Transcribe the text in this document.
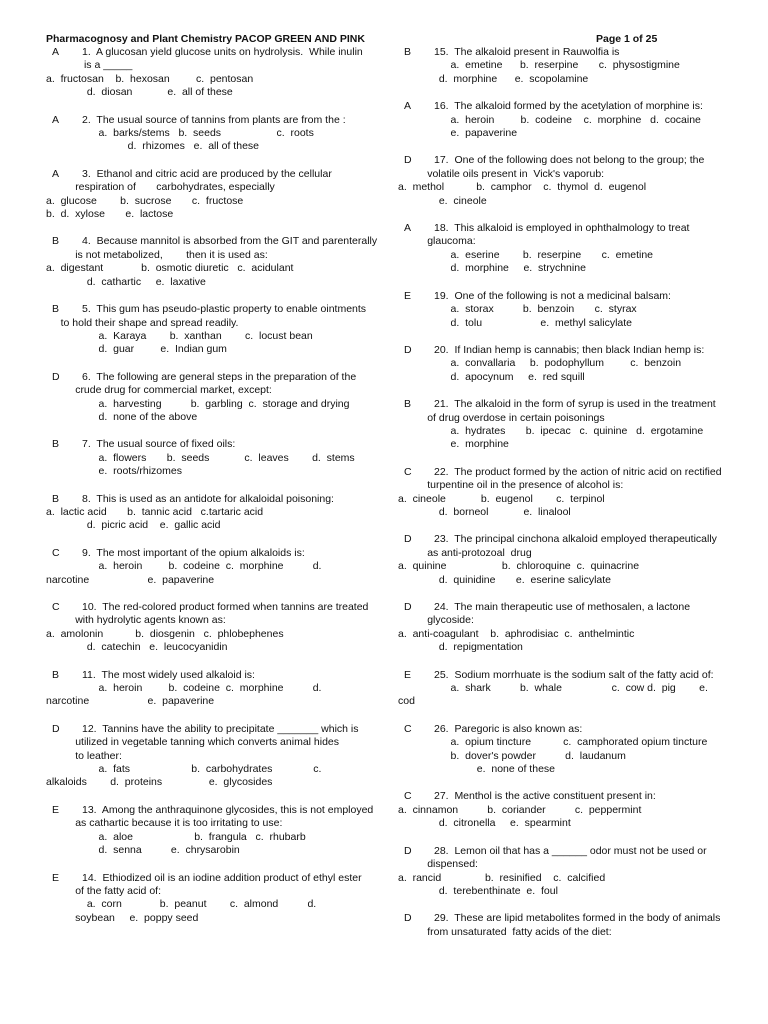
Pharmacognosy and Plant Chemistry PACOP GREEN AND PINK	Page 1 of 25
A 1.  A glucosan yield glucose units on hydrolysis.  While inulin
is a _____
a.  fructosan    b.  hexosan         c.  pentosan
d.  diosan            e.  all of these
A 2.  The usual source of tannins from plants are from the :
a.  barks/stems   b.  seeds                   c.  roots
d.  rhizomes   e.  all of these
A 3.  Ethanol and citric acid are produced by the cellular
respiration of       carbohydrates, especially
a.  glucose        b.  sucrose       c.  fructose
b.  d.  xylose       e.  lactose
B 4.  Because mannitol is absorbed from the GIT and parenterally
is not metabolized,        then it is used as:
a.  digestant             b.  osmotic diuretic   c.  acidulant
d.  cathartic     e.  laxative
B 5.  This gum has pseudo-plastic property to enable ointments
to hold their shape and spread readily.
a.  Karaya        b.  xanthan        c.  locust bean
d.  guar         e.  Indian gum
D 6.  The following are general steps in the preparation of the
crude drug for commercial market, except:
a.  harvesting          b.  garbling  c.  storage and drying
d.  none of the above
B 7.  The usual source of fixed oils:
a.  flowers       b.  seeds            c.  leaves        d.  stems
e.  roots/rhizomes
B 8.  This is used as an antidote for alkaloidal poisoning:
a.  lactic acid       b.  tannic acid   c.tartaric acid
d.  picric acid    e.  gallic acid
C 9.  The most important of the opium alkaloids is:
a.  heroin         b.  codeine  c.  morphine          d.
narcotine                    e.  papaverine
C 10.  The red-colored product formed when tannins are treated
with hydrolytic agents known as:
a.  amolonin           b.  diosgenin   c.  phlobephenes
d.  catechin   e.  leucocyanidin
B 11.  The most widely used alkaloid is:
a.  heroin         b.  codeine  c.  morphine          d.
narcotine                    e.  papaverine
D 12.  Tannins have the ability to precipitate _______ which is
utilized in vegetable tanning which converts animal hides
to leather:
a.  fats                     b.  carbohydrates              c.
alkaloids        d.  proteins                e.  glycosides
E 13.  Among the anthraquinone glycosides, this is not employed
as cathartic because it is too irritating to use:
a.  aloe                     b.  frangula   c.  rhubarb
d.  senna          e.  chrysarobin
E 14.  Ethiodized oil is an iodine addition product of ethyl ester
of the fatty acid of:
a.  corn             b.  peanut        c.  almond          d.
soybean     e.  poppy seed
B 15.  The alkaloid present in Rauwolfia is
a.  emetine      b.  reserpine       c.  physostigmine
d.  morphine      e.  scopolamine
A 16.  The alkaloid formed by the acetylation of morphine is:
a.  heroin         b.  codeine    c.  morphine   d.  cocaine
e.  papaverine
D 17.  One of the following does not belong to the group; the
volatile oils present in  Vick's vaporub:
a.  methol           b.  camphor    c.  thymol  d.  eugenol
e.  cineole
A 18.  This alkaloid is employed in ophthalmology to treat
glaucoma:
a.  eserine        b.  reserpine       c.  emetine
d.  morphine     e.  strychnine
E 19.  One of the following is not a medicinal balsam:
a.  storax          b.  benzoin       c.  styrax
d.  tolu                    e.  methyl salicylate
D 20.  If Indian hemp is cannabis; then black Indian hemp is:
a.  convallaria     b.  podophyllum         c.  benzoin
d.  apocynum     e.  red squill
B 21.  The alkaloid in the form of syrup is used in the treatment
of drug overdose in certain poisonings
a.  hydrates       b.  ipecac   c.  quinine   d.  ergotamine
e.  morphine
C 22.  The product formed by the action of nitric acid on rectified
turpentine oil in the presence of alcohol is:
a.  cineole            b.  eugenol        c.  terpinol
d.  borneol            e.  linalool
D 23.  The principal cinchona alkaloid employed therapeutically
as anti-protozoal  drug
a.  quinine                   b.  chloroquine  c.  quinacrine
d.  quinidine       e.  eserine salicylate
D 24.  The main therapeutic use of methosalen, a lactone
glycoside:
a.  anti-coagulant    b.  aphrodisiac  c.  anthelmintic
d.  repigmentation
E 25.  Sodium morrhuate is the sodium salt of the fatty acid of:
a.  shark          b.  whale                 c.  cow d.  pig        e.
cod
C 26.  Paregoric is also known as:
a.  opium tincture           c.  camphorated opium tincture
b.  dover's powder          d.  laudanum
e.  none of these
C 27.  Menthol is the active constituent present in:
a.  cinnamon          b.  coriander          c.  peppermint
d.  citronella     e.  spearmint
D 28.  Lemon oil that has a ______ odor must not be used or
dispensed:
a.  rancid               b.  resinified    c.  calcified
d.  terebenthinate  e.  foul
D 29.  These are lipid metabolites formed in the body of animals
from unsaturated  fatty acids of the diet:
